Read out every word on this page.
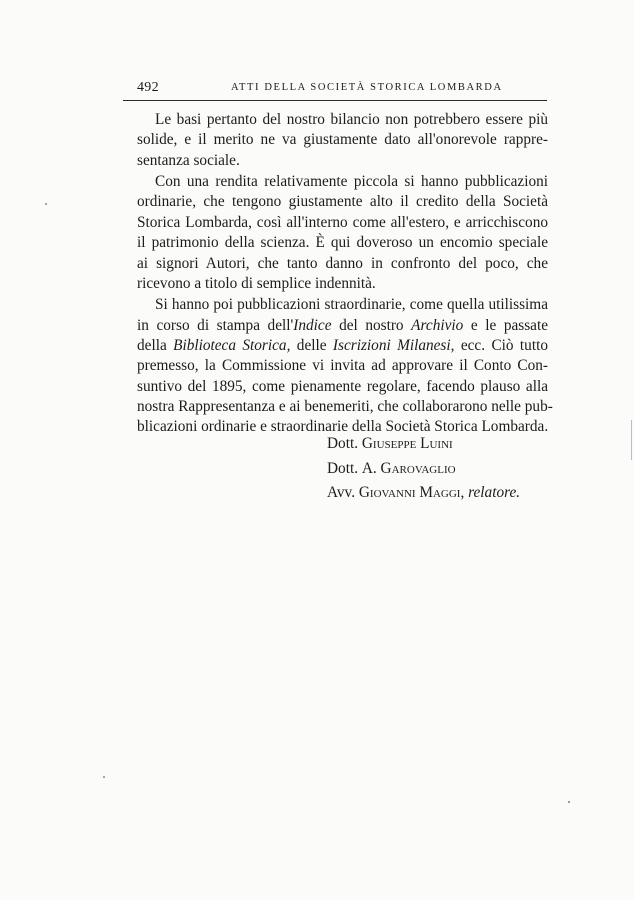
492	ATTI DELLA SOCIETÀ STORICA LOMBARDA
Le basi pertanto del nostro bilancio non potrebbero essere più
solide, e il merito ne va giustamente dato all'onorevole rappre-
sentanza sociale.
Con una rendita relativamente piccola si hanno pubblicazioni
ordinarie, che tengono giustamente alto il credito della Società
Storica Lombarda, così all'interno come all'estero, e arricchiscono
il patrimonio della scienza. È qui doveroso un encomio speciale
ai signori Autori, che tanto danno in confronto del poco, che
ricevono a titolo di semplice indennità.
Si hanno poi pubblicazioni straordinarie, come quella utilissima
in corso di stampa dell'Indice del nostro Archivio e le passate
della Biblioteca Storica, delle Iscrizioni Milanesi, ecc. Ciò tutto
premesso, la Commissione vi invita ad approvare il Conto Con-
suntivo del 1895, come pienamente regolare, facendo plauso alla
nostra Rappresentanza e ai benemeriti, che collaborarono nelle pub-
blicazioni ordinarie e straordinarie della Società Storica Lombarda.
Dott. Giuseppe Luini
Dott. A. Garovaglio
Avv. Giovanni Maggi, relatore.
